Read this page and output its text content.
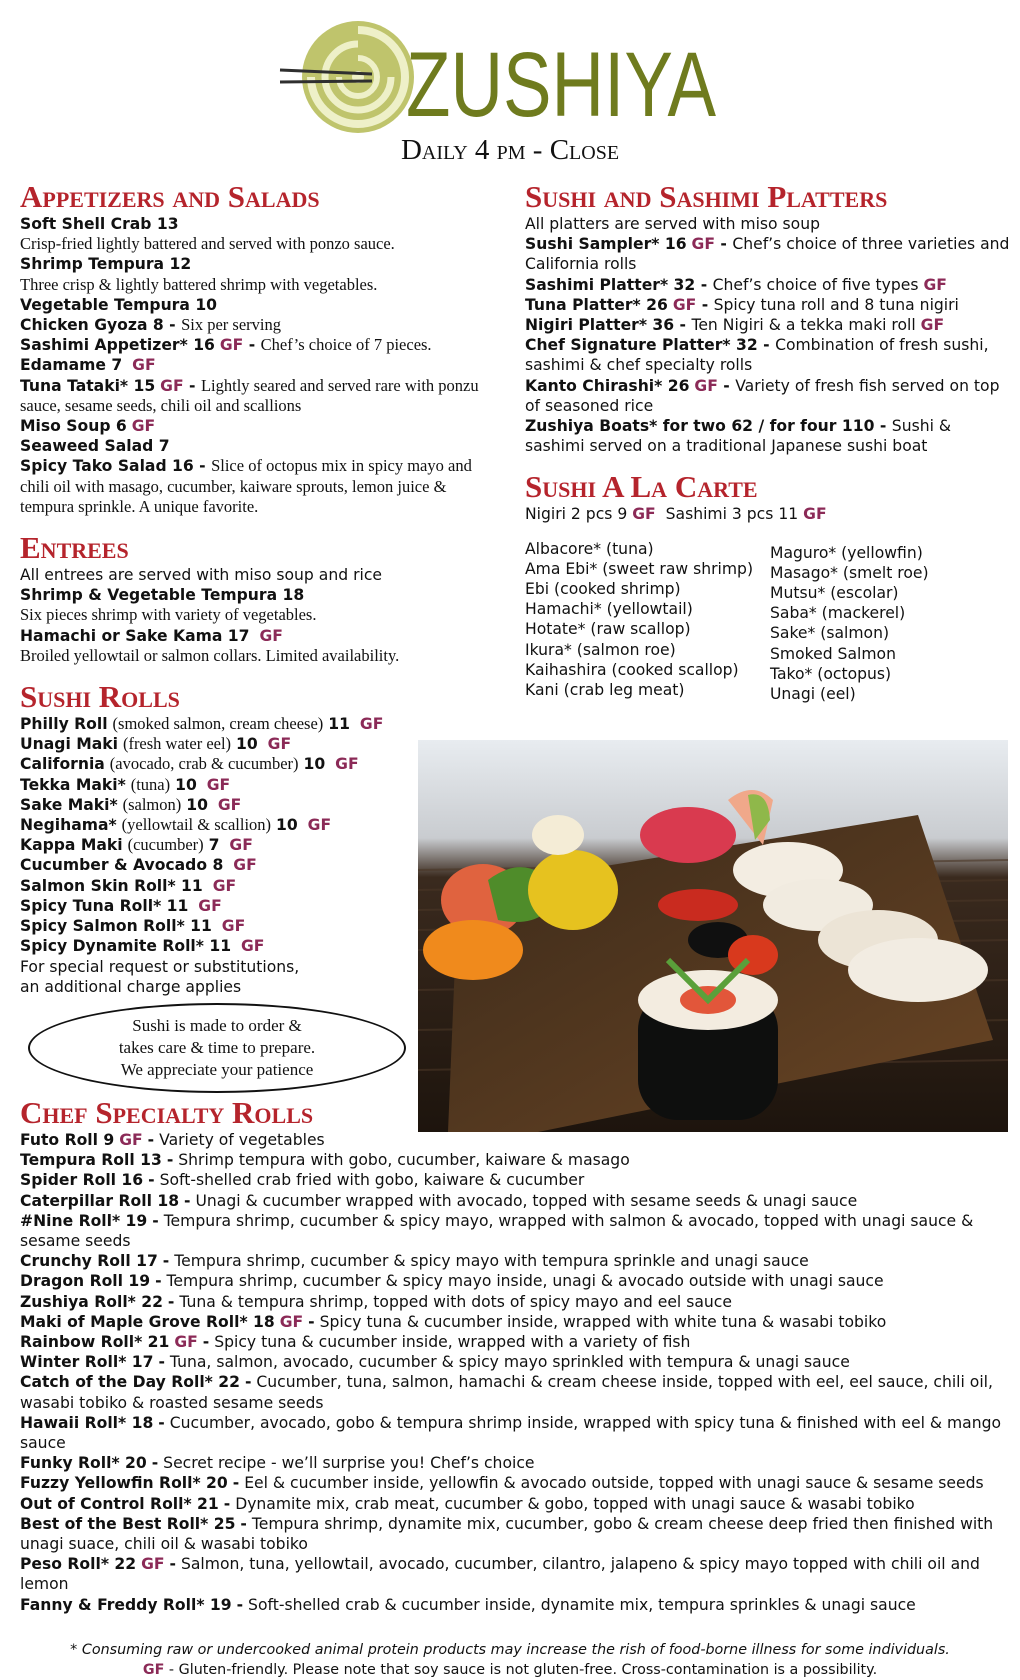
ZUSHIYA
Daily 4 pm - Close
Appetizers and Salads
Soft Shell Crab 13
Crisp-fried lightly battered and served with ponzo sauce.
Shrimp Tempura 12
Three crisp & lightly battered shrimp with vegetables.
Vegetable Tempura 10
Chicken Gyoza 8 - Six per serving
Sashimi Appetizer* 16 GF - Chef’s choice of 7 pieces.
Edamame 7 GF
Tuna Tataki* 15 GF - Lightly seared and served rare with ponzu sauce, sesame seeds, chili oil and scallions
Miso Soup 6 GF
Seaweed Salad 7
Spicy Tako Salad 16 - Slice of octopus mix in spicy mayo and chili oil with masago, cucumber, kaiware sprouts, lemon juice & tempura sprinkle. A unique favorite.
Entrees
All entrees are served with miso soup and rice
Shrimp & Vegetable Tempura 18
Six pieces shrimp with variety of vegetables.
Hamachi or Sake Kama 17 GF
Broiled yellowtail or salmon collars. Limited availability.
Sushi Rolls
Philly Roll (smoked salmon, cream cheese) 11 GF
Unagi Maki (fresh water eel) 10 GF
California (avocado, crab & cucumber) 10 GF
Tekka Maki* (tuna) 10 GF
Sake Maki* (salmon) 10 GF
Negihama* (yellowtail & scallion) 10 GF
Kappa Maki (cucumber) 7 GF
Cucumber & Avocado 8 GF
Salmon Skin Roll* 11 GF
Spicy Tuna Roll* 11 GF
Spicy Salmon Roll* 11 GF
Spicy Dynamite Roll* 11 GF
For special request or substitutions,
an additional charge applies
Sushi is made to order &
takes care & time to prepare.
We appreciate your patience
Sushi and Sashimi Platters
All platters are served with miso soup
Sushi Sampler* 16 GF - Chef’s choice of three varieties and California rolls
Sashimi Platter* 32 - Chef’s choice of five types GF
Tuna Platter* 26 GF - Spicy tuna roll and 8 tuna nigiri
Nigiri Platter* 36 - Ten Nigiri & a tekka maki roll GF
Chef Signature Platter* 32 - Combination of fresh sushi, sashimi & chef specialty rolls
Kanto Chirashi* 26 GF - Variety of fresh fish served on top of seasoned rice
Zushiya Boats* for two 62 / for four 110 - Sushi & sashimi served on a traditional Japanese sushi boat
Sushi A La Carte
Nigiri 2 pcs 9 GF Sashimi 3 pcs 11 GF
Albacore* (tuna)
Ama Ebi* (sweet raw shrimp)
Ebi (cooked shrimp)
Hamachi* (yellowtail)
Hotate* (raw scallop)
Ikura* (salmon roe)
Kaihashira (cooked scallop)
Kani (crab leg meat)
Maguro* (yellowfin)
Masago* (smelt roe)
Mutsu* (escolar)
Saba* (mackerel)
Sake* (salmon)
Smoked Salmon
Tako* (octopus)
Unagi (eel)
Chef Specialty Rolls
Futo Roll 9 GF - Variety of vegetables
Tempura Roll 13 - Shrimp tempura with gobo, cucumber, kaiware & masago
Spider Roll 16 - Soft-shelled crab fried with gobo, kaiware & cucumber
Caterpillar Roll 18 - Unagi & cucumber wrapped with avocado, topped with sesame seeds & unagi sauce
#Nine Roll* 19 - Tempura shrimp, cucumber & spicy mayo, wrapped with salmon & avocado, topped with unagi sauce & sesame seeds
Crunchy Roll 17 - Tempura shrimp, cucumber & spicy mayo with tempura sprinkle and unagi sauce
Dragon Roll 19 - Tempura shrimp, cucumber & spicy mayo inside, unagi & avocado outside with unagi sauce
Zushiya Roll* 22 - Tuna & tempura shrimp, topped with dots of spicy mayo and eel sauce
Maki of Maple Grove Roll* 18 GF - Spicy tuna & cucumber inside, wrapped with white tuna & wasabi tobiko
Rainbow Roll* 21 GF - Spicy tuna & cucumber inside, wrapped with a variety of fish
Winter Roll* 17 - Tuna, salmon, avocado, cucumber & spicy mayo sprinkled with tempura & unagi sauce
Catch of the Day Roll* 22 - Cucumber, tuna, salmon, hamachi & cream cheese inside, topped with eel, eel sauce, chili oil, wasabi tobiko & roasted sesame seeds
Hawaii Roll* 18 - Cucumber, avocado, gobo & tempura shrimp inside, wrapped with spicy tuna & finished with eel & mango sauce
Funky Roll* 20 - Secret recipe - we’ll surprise you! Chef’s choice
Fuzzy Yellowfin Roll* 20 - Eel & cucumber inside, yellowfin & avocado outside, topped with unagi sauce & sesame seeds
Out of Control Roll* 21 - Dynamite mix, crab meat, cucumber & gobo, topped with unagi sauce & wasabi tobiko
Best of the Best Roll* 25 - Tempura shrimp, dynamite mix, cucumber, gobo & cream cheese deep fried then finished with unagi suace, chili oil & wasabi tobiko
Peso Roll* 22 GF - Salmon, tuna, yellowtail, avocado, cucumber, cilantro, jalapeno & spicy mayo topped with chili oil and lemon
Fanny & Freddy Roll* 19 - Soft-shelled crab & cucumber inside, dynamite mix, tempura sprinkles & unagi sauce
* Consuming raw or undercooked animal protein products may increase the rish of food-borne illness for some individuals.
GF - Gluten-friendly. Please note that soy sauce is not gluten-free. Cross-contamination is a possibility.
